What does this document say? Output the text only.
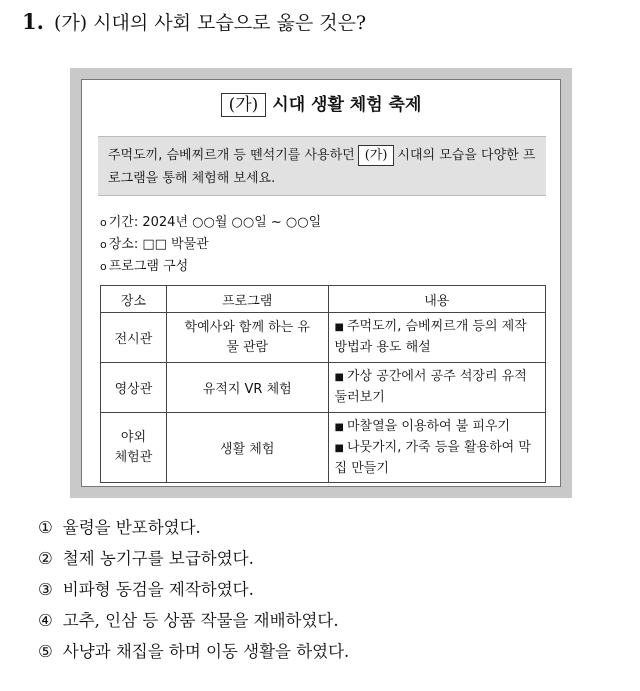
1. (가) 시대의 사회 모습으로 옳은 것은?
(가) 시대 생활 체험 축제
주먹도끼, 슴베찌르개 등 뗀석기를 사용하던 (가) 시대의 모습을 다양한 프로그램을 통해 체험해 보세요.
o 기간: 2024년 ○○월 ○○일 ~ ○○일
o 장소: □□ 박물관
o 프로그램 구성
장소	프로그램	내용
전시관	학예사와 함께 하는 유물 관람	■ 주먹도끼, 슴베찌르개 등의 제작 방법과 용도 해설
영상관	유적지 VR 체험	■ 가상 공간에서 공주 석장리 유적 둘러보기
야외 체험관	생활 체험	■ 마찰열을 이용하여 불 피우기
■ 나뭇가지, 가죽 등을 활용하여 막집 만들기
① 율령을 반포하였다.
② 철제 농기구를 보급하였다.
③ 비파형 동검을 제작하였다.
④ 고추, 인삼 등 상품 작물을 재배하였다.
⑤ 사냥과 채집을 하며 이동 생활을 하였다.
